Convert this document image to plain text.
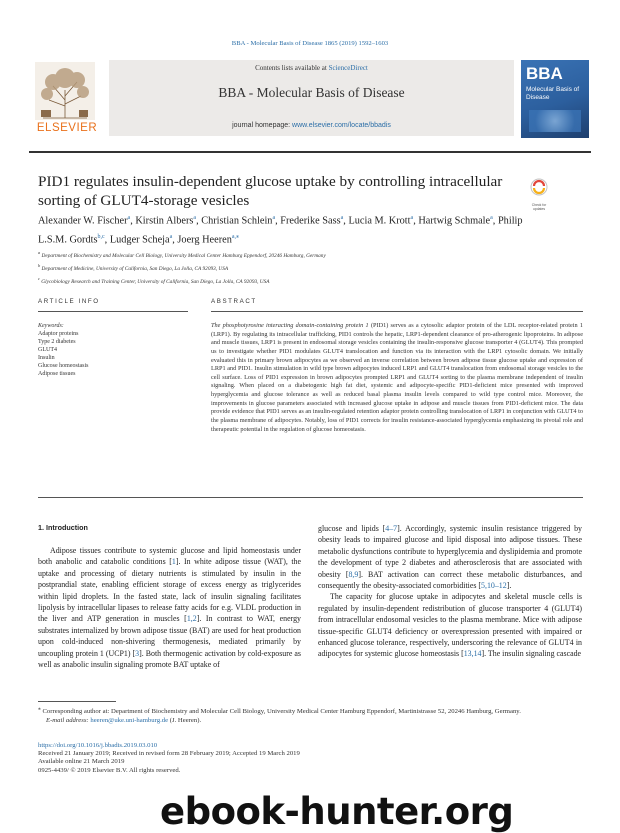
BBA - Molecular Basis of Disease 1865 (2019) 1592–1603
ELSEVIER
Contents lists available at ScienceDirect
BBA - Molecular Basis of Disease
journal homepage: www.elsevier.com/locate/bbadis
BBA
Molecular Basis of Disease
PID1 regulates insulin-dependent glucose uptake by controlling intracellular sorting of GLUT4-storage vesicles	Check for updates
Alexander W. Fischer$^a$, Kirstin Albers$^a$, Christian Schlein$^a$, Frederike Sass$^a$, Lucia M. Krott$^a$, Hartwig Schmale$^a$, Philip L.S.M. Gordts$^{b,c}$, Ludger Scheja$^a$, Joerg Heeren$^{a,⁎}$
$^a$ Department of Biochemistry and Molecular Cell Biology, University Medical Center Hamburg Eppendorf, 20246 Hamburg, Germany
$^b$ Department of Medicine, University of California, San Diego, La Jolla, CA 92093, USA
$^c$ Glycobiology Research and Training Center, University of California, San Diego, La Jolla, CA 92093, USA
ARTICLE INFO	ABSTRACT
Keywords:
Adaptor proteins
Type 2 diabetes
GLUT4
Insulin
Glucose homeostasis
Adipose tissues
The phosphotyrosine interacting domain-containing protein 1 (PID1) serves as a cytosolic adaptor protein of the LDL receptor-related protein 1 (LRP1). By regulating its intracellular trafficking, PID1 controls the hepatic, LRP1-dependent clearance of pro-atherogenic lipoproteins. In adipose and muscle tissues, LRP1 is present in endosomal storage vesicles containing the insulin-responsive glucose transporter 4 (GLUT4). This prompted us to investigate whether PID1 modulates GLUT4 translocation and function via its interaction with the LRP1 cytosolic domain. We initially evaluated this in primary brown adipocytes as we observed an inverse correlation between brown adipose tissue glucose uptake and expression of LRP1 and PID1. Insulin stimulation in wild type brown adipocytes induced LRP1 and GLUT4 translocation from endosomal storage vesicles to the cell surface. Loss of PID1 expression in brown adipocytes prompted LRP1 and GLUT4 sorting to the plasma membrane independent of insulin signaling. When placed on a diabetogenic high fat diet, systemic and adipocyte-specific PID1-deficient mice presented with improved hyperglycemia and glucose tolerance as well as reduced basal plasma insulin levels compared to wild type control mice. Moreover, the improvements in glucose parameters associated with increased glucose uptake in adipose and muscle tissues from PID1-deficient mice. The data provide evidence that PID1 serves as an insulin-regulated retention adaptor protein controlling translocation of LRP1 in conjunction with GLUT4 to the plasma membrane of adipocytes. Notably, loss of PID1 corrects for insulin resistance-associated hyperglycemia emphasizing its pivotal role and therapeutic potential in the regulation of glucose homeostasis.
1. Introduction
Adipose tissues contribute to systemic glucose and lipid homeostasis under both anabolic and catabolic conditions [1]. In white adipose tissue (WAT), the uptake and processing of dietary nutrients is stimulated by insulin in the postprandial state, enabling efficient storage of excess energy as triglycerides within lipid droplets. In the fasted state, lack of insulin signaling facilitates lipolysis by intracellular lipases to release fatty acids for e.g. VLDL production in the liver and ATP generation in muscles [1,2]. In contrast to WAT, energy substrates internalized by brown adipose tissue (BAT) are used for heat production upon cold-induced non-shivering thermogenesis, mediated primarily by uncoupling protein 1 (UCP1) [3]. Both thermogenic activation by cold-exposure as well as anabolic insulin signaling promote BAT uptake of

glucose and lipids [4–7]. Accordingly, systemic insulin resistance triggered by obesity leads to impaired glucose and lipid disposal into adipose tissues. These metabolic dysfunctions contribute to hyperglycemia and dyslipidemia and promote the development of type 2 diabetes and atherosclerosis that are associated with obesity [8,9]. BAT activation can correct these metabolic disturbances, and consequently the obesity-associated comorbidities [5,10–12].

The capacity for glucose uptake in adipocytes and skeletal muscle cells is regulated by insulin-dependent redistribution of glucose transporter 4 (GLUT4) from intracellular endosomal vesicles to the plasma membrane. Mice with adipose tissue-specific GLUT4 deficiency or overexpression presented with impaired or enhanced glucose tolerance, respectively, underscoring the relevance of GLUT4 in adipocytes for systemic glucose homeostasis [13,14]. The insulin signaling cascade

⁎ Corresponding author at: Department of Biochemistry and Molecular Cell Biology, University Medical Center Hamburg Eppendorf, Martinistrasse 52, 20246 Hamburg, Germany.
E-mail address: heeren@uke.uni-hamburg.de (J. Heeren).
https://doi.org/10.1016/j.bbadis.2019.03.010
Received 21 January 2019; Received in revised form 28 February 2019; Accepted 19 March 2019
Available online 21 March 2019
0925-4439/ © 2019 Elsevier B.V. All rights reserved.
ebook-hunter.org
